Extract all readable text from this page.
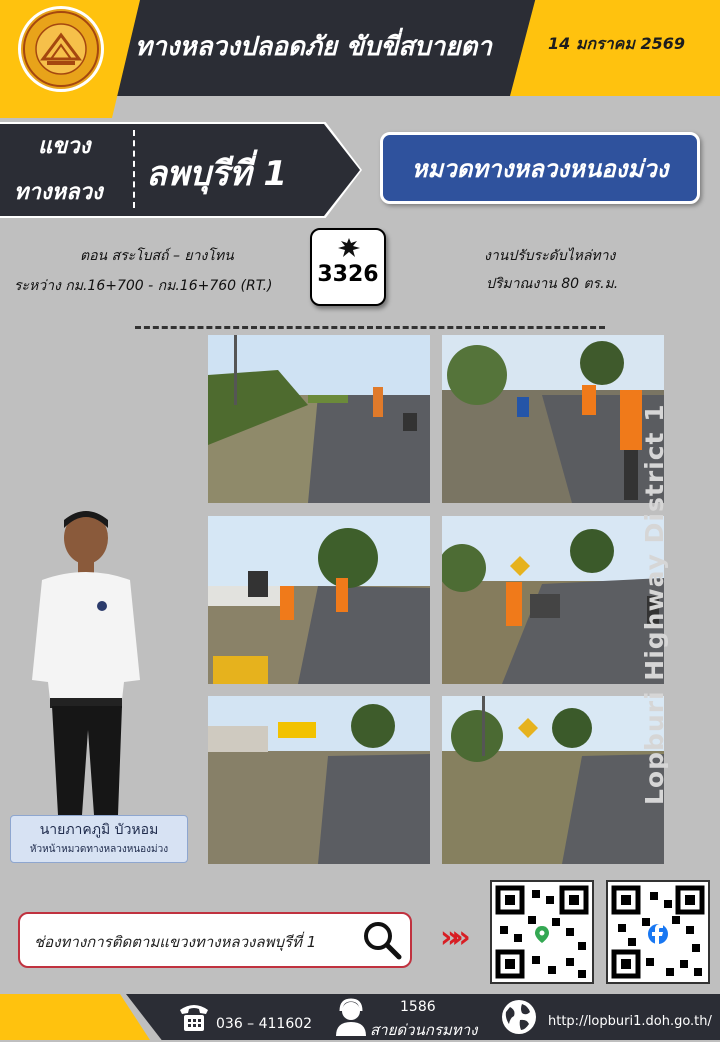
ทางหลวงปลอดภัย ขับขี่สบายตา	14 มกราคม 2569
แขวง
ทางหลวง ลพบุรีที่ 1	หมวดทางหลวงหนองม่วง
ตอน สระโบสถ์ – ยางโทน
ระหว่าง กม.16+700 - กม.16+760 (RT.) 3326
งานปรับระดับไหล่ทาง
ปริมาณงาน 80 ตร.ม.
Lopburi Highway District 1
นายภาคภูมิ บัวหอม
หัวหน้าหมวดทางหลวงหนองม่วง
ช่องทางการติดตามแขวงทางหลวงลพบุรีที่ 1	»»
036 – 411602
1586
สายด่วนกรมทาง	http://lopburi1.doh.go.th/
